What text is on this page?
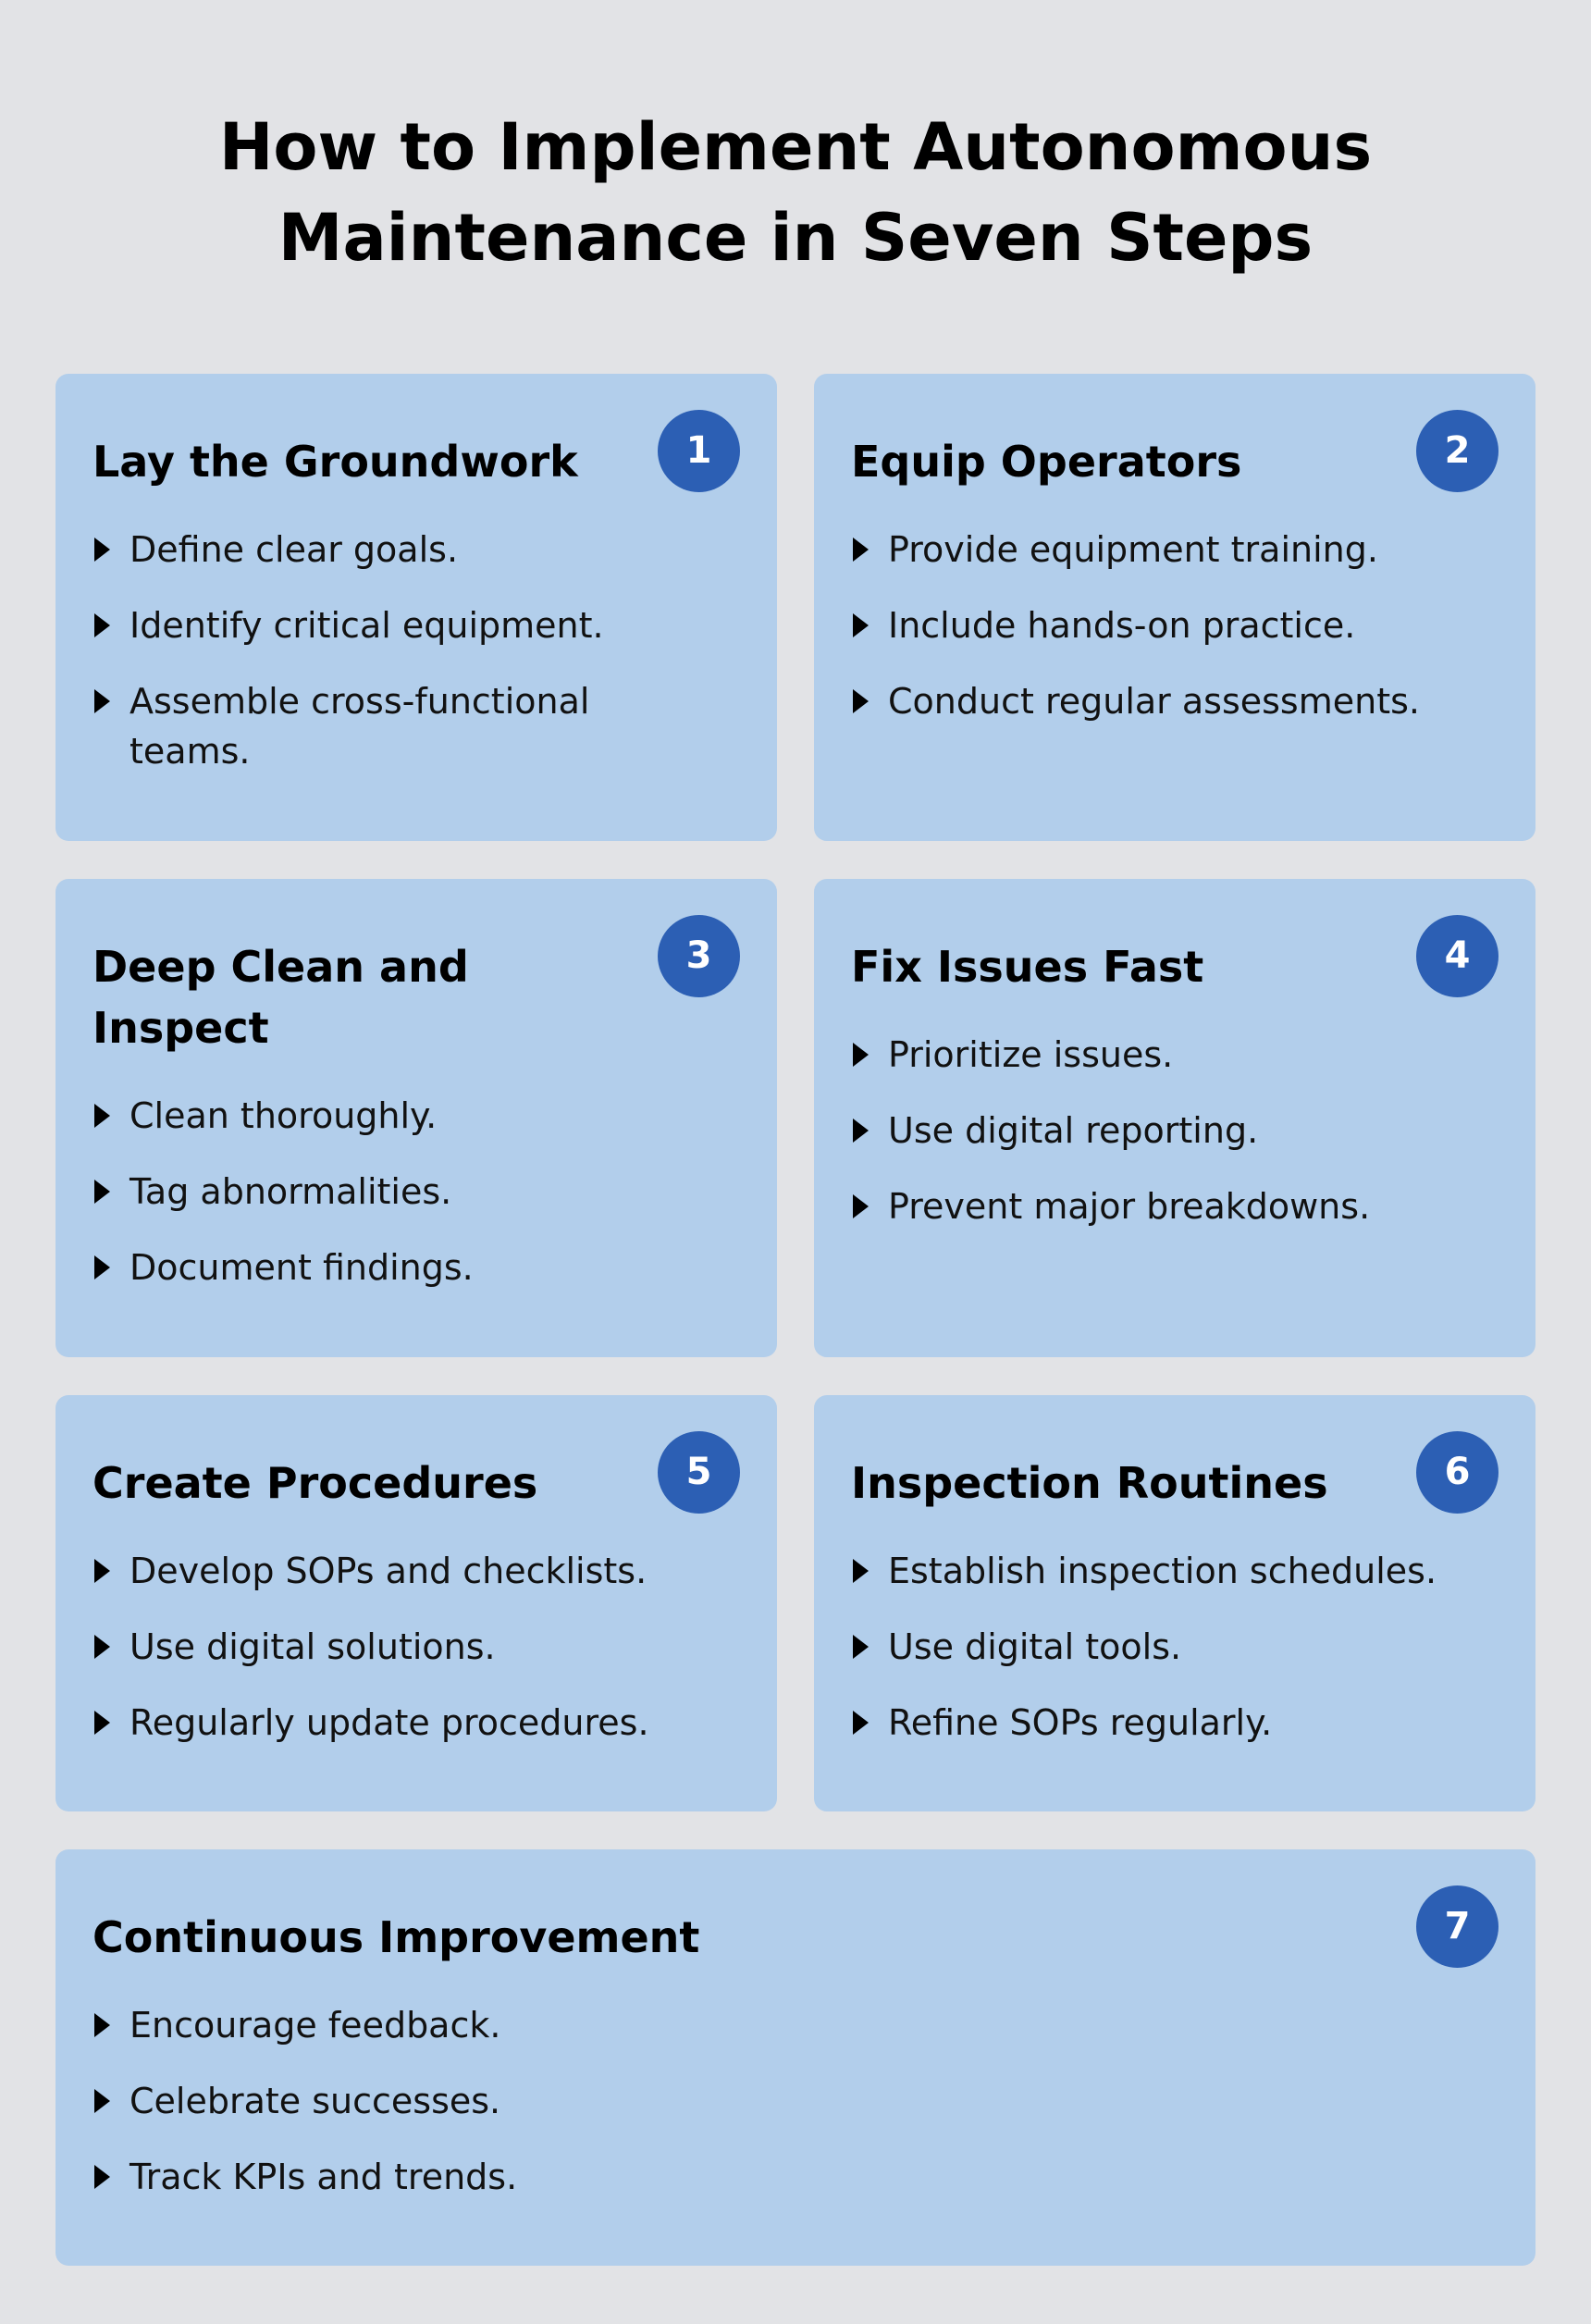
How to Implement Autonomous Maintenance in Seven Steps
Lay the Groundwork	1
Define clear goals.
Identify critical equipment.
Assemble cross-functional teams.
Equip Operators	2
Provide equipment training.
Include hands-on practice.
Conduct regular assessments.
Deep Clean and Inspect
3
Clean thoroughly.
Tag abnormalities.
Document findings.
Fix Issues Fast	4
Prioritize issues.
Use digital reporting.
Prevent major breakdowns.
Create Procedures	5
Develop SOPs and checklists.
Use digital solutions.
Regularly update procedures.
Inspection Routines	6
Establish inspection schedules.
Use digital tools.
Refine SOPs regularly.
Continuous Improvement	7
Encourage feedback.
Celebrate successes.
Track KPIs and trends.
